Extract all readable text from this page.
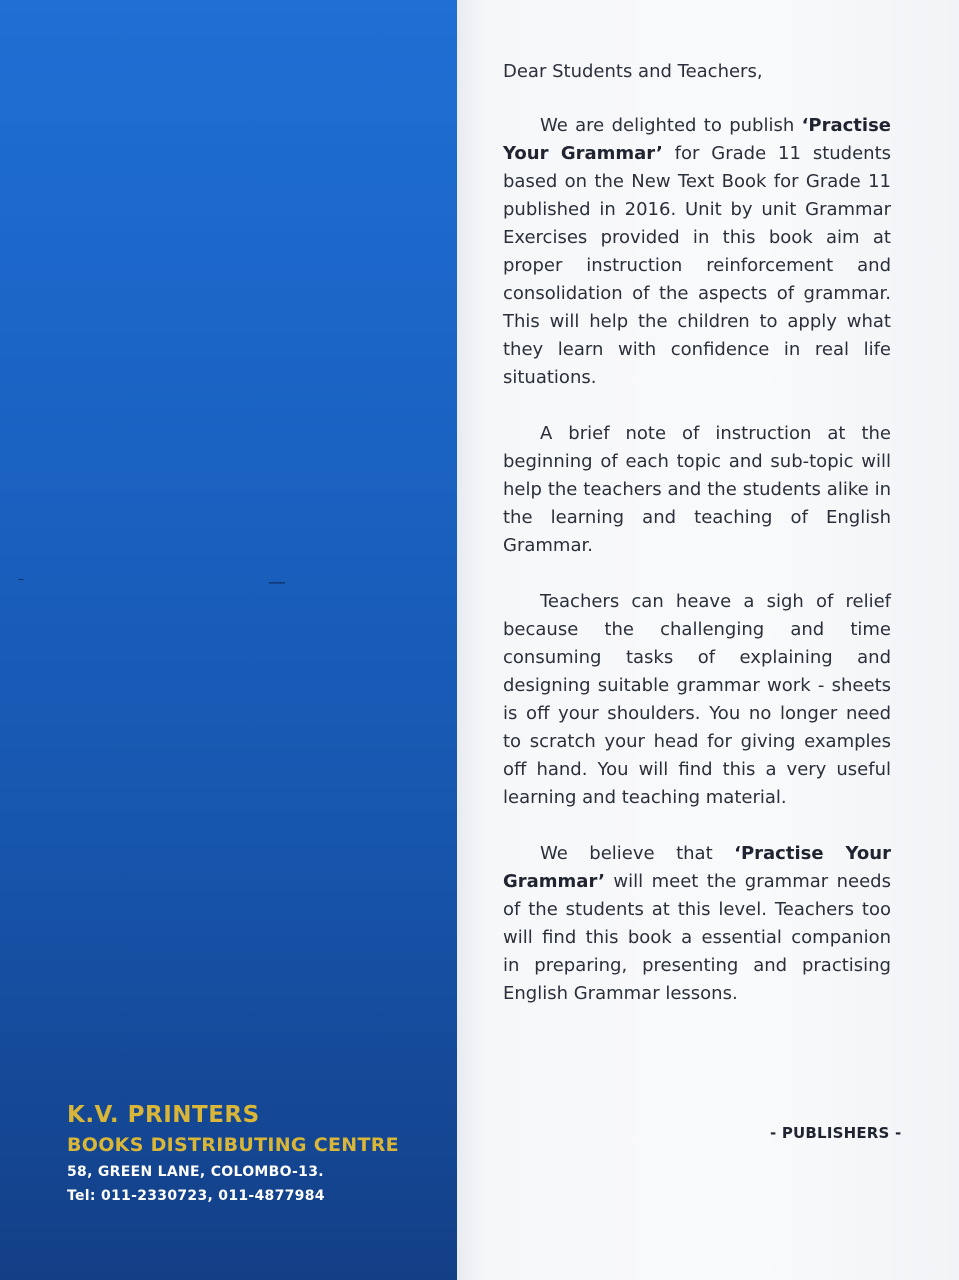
—
–

Dear Students and Teachers,

We are delighted to publish ‘Practise Your Grammar’ for Grade 11 students based on the New Text Book for Grade 11 published in 2016. Unit by unit Grammar Exercises provided in this book aim at proper instruction reinforcement and consolidation of the aspects of grammar. This will help the children to apply what they learn with confidence in real life situations.

A brief note of instruction at the beginning of each topic and sub-topic will help the teachers and the students alike in the learning and teaching of English Grammar.

Teachers can heave a sigh of relief because the challenging and time consuming tasks of explaining and designing suitable grammar work - sheets is off your shoulders. You no longer need to scratch your head for giving examples off hand. You will find this a very useful learning and teaching material.

We believe that ‘Practise Your Grammar’ will meet the grammar needs of the students at this level. Teachers too will find this book a essential companion in preparing, presenting and practising English Grammar lessons.

- PUBLISHERS -
K.V. PRINTERS
BOOKS DISTRIBUTING CENTRE
58, GREEN LANE, COLOMBO-13.
Tel: 011-2330723, 011-4877984
